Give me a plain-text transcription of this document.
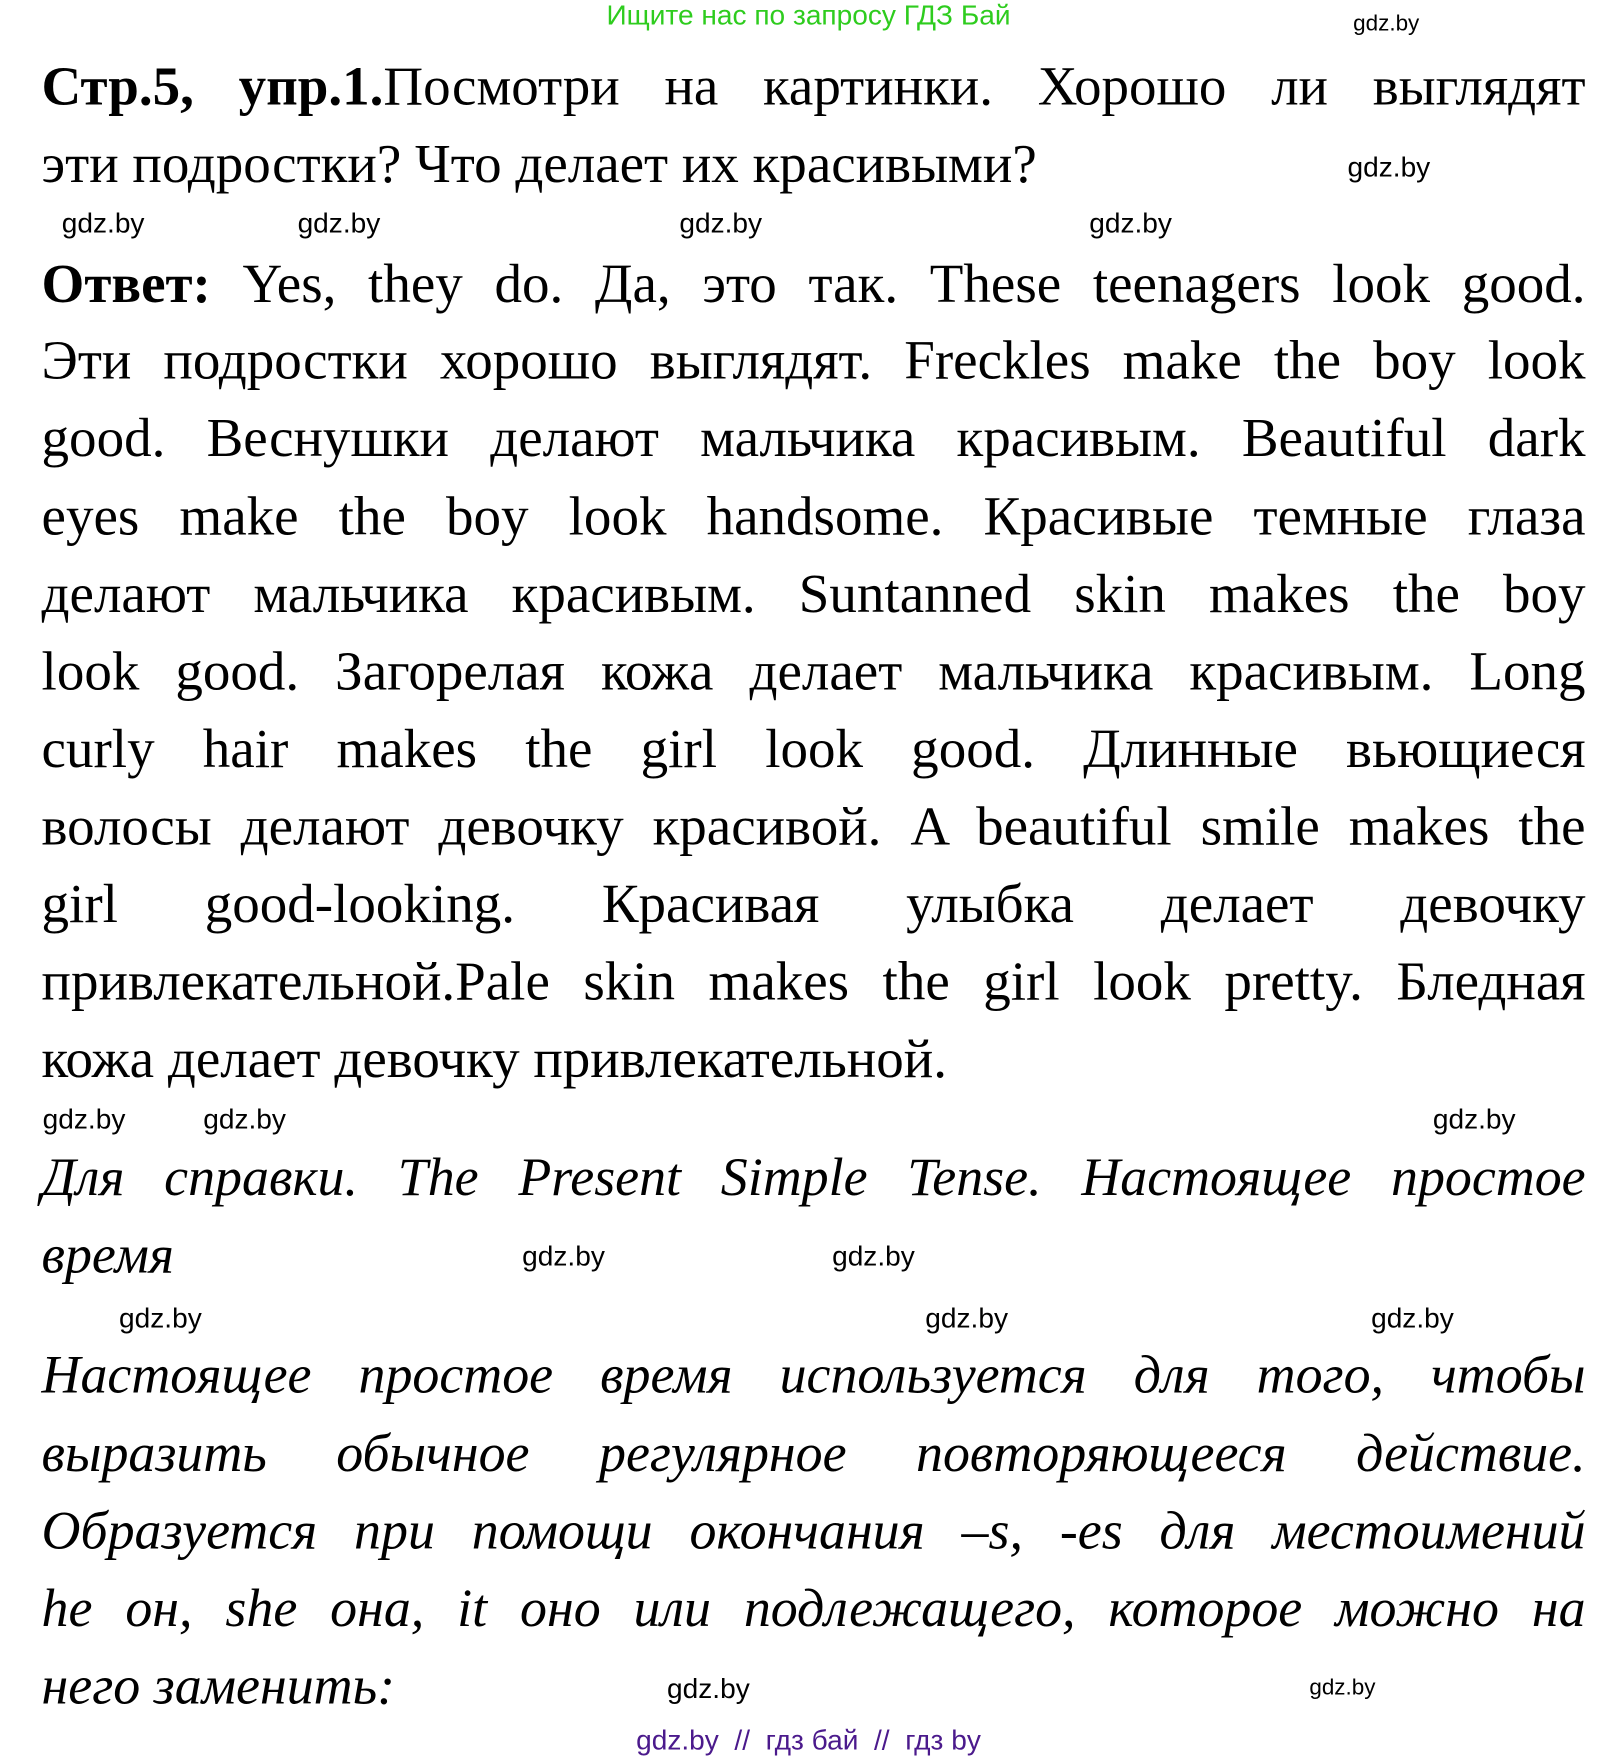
Ищите нас по запросу ГДЗ Бай
Стр.5, упр.1.Посмотри на картинки. Хорошо ли выглядят
эти подростки? Что делает их красивыми?
Ответ: Yes, they do. Да, это так. These teenagers look good.
Эти подростки хорошо выглядят. Freckles make the boy look
good. Веснушки делают мальчика красивым. Beautiful dark
eyes make the boy look handsome. Красивые темные глаза
делают мальчика красивым. Suntanned skin makes the boy
look good. Загорелая кожа делает мальчика красивым. Long
curly hair makes the girl look good. Длинные вьющиеся
волосы делают девочку красивой. A beautiful smile makes the
girl good-looking. Красивая улыбка делает девочку
привлекательной.Pale skin makes the girl look pretty. Бледная
кожа делает девочку привлекательной.
Для справки. The Present Simple Tense. Настоящее простое
время
Настоящее простое время используется для того, чтобы
выразить обычное регулярное повторяющееся действие.
Образуется при помощи окончания –s, -es для местоимений
he он, she она, it оно или подлежащего, которое можно на
него заменить:
gdz.by
gdz.by
gdz.by	gdz.by
gdz.by	gdz.by
gdz.by
gdz.by
gdz.by
gdz.by	gdz.by
gdz.by
gdz.by	gdz.by
gdz.by
gdz.by
gdz.by  //  гдз бай  //  гдз by
